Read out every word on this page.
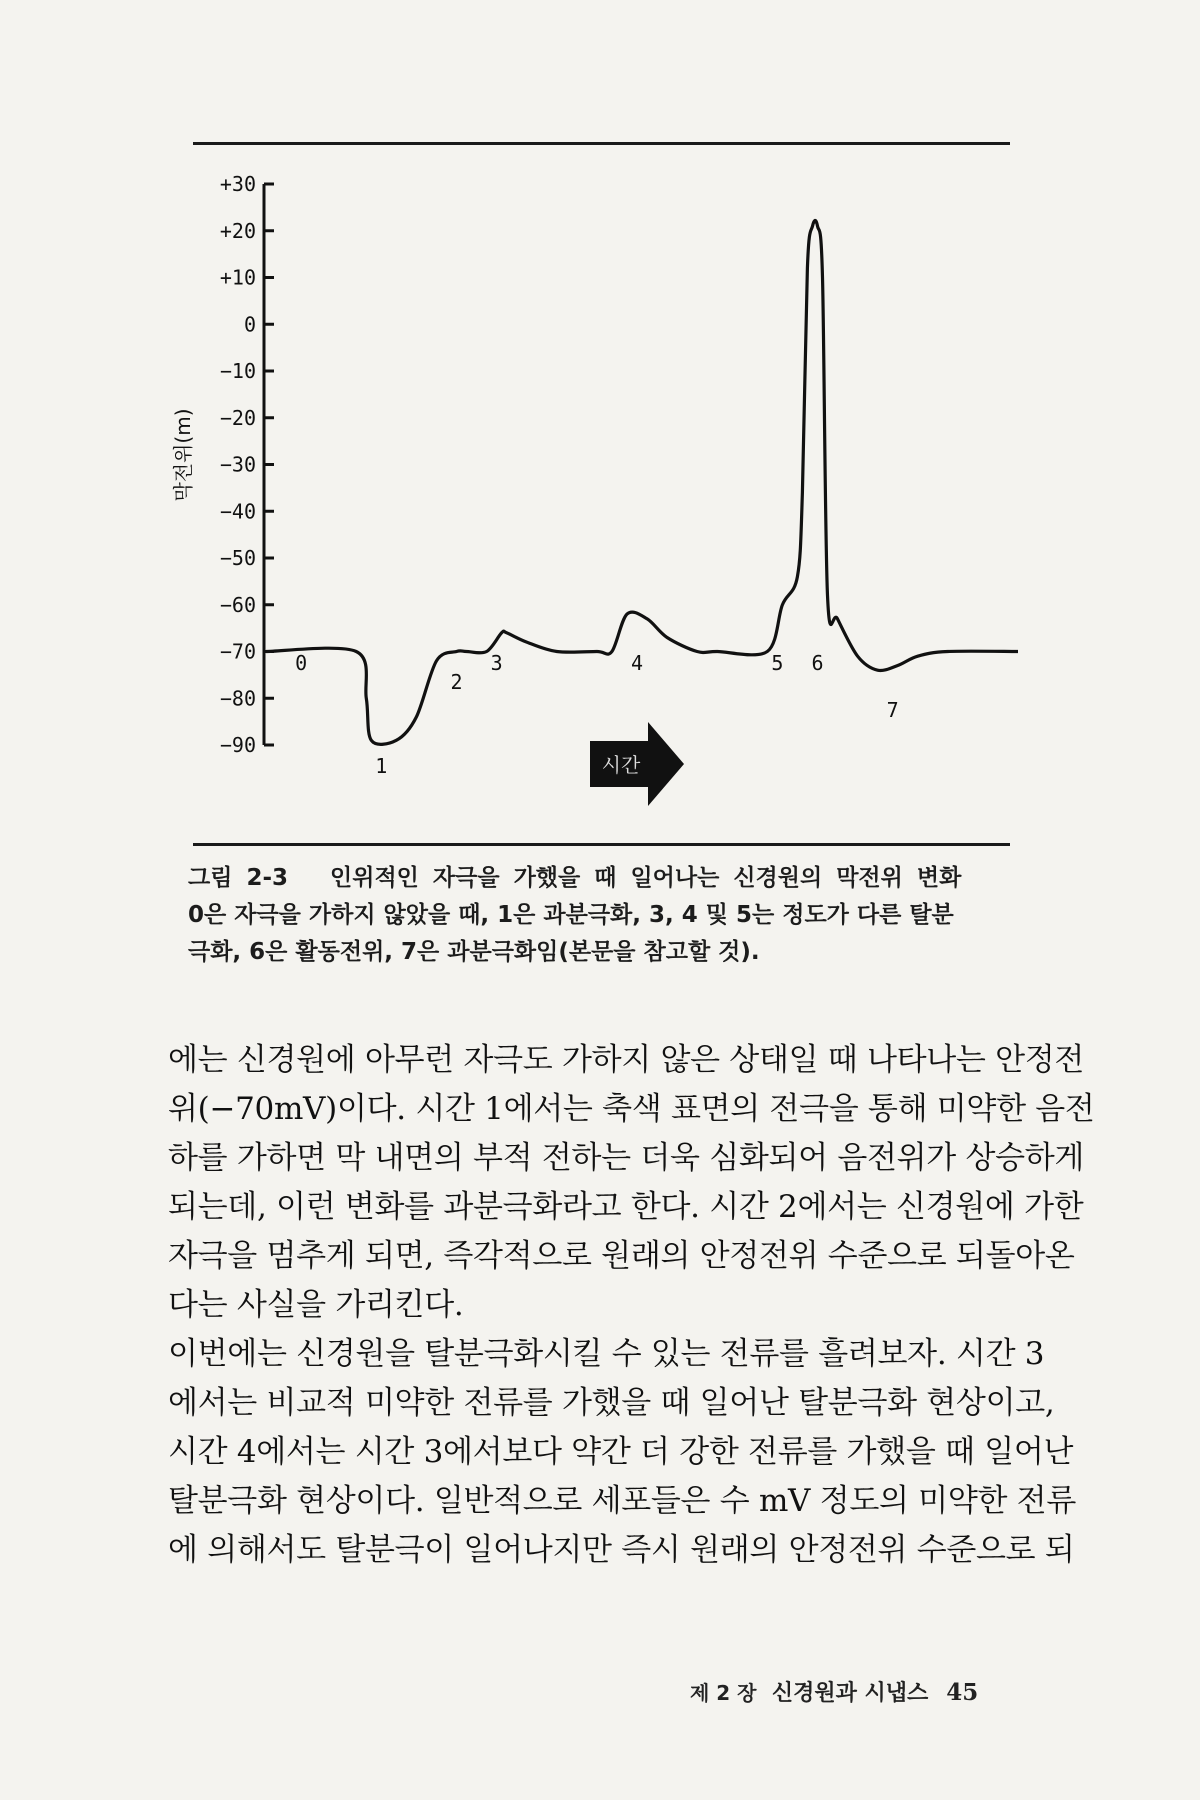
+30
+20
+10
0
−10
−20
−30
−40
−50
−60
−70
−80
−90
막전위(m)
0
1
2
3	4	5 6
7
시간
그림 2-3 인위적인 자극을 가했을 때 일어나는 신경원의 막전위 변화
0은 자극을 가하지 않았을 때, 1은 과분극화, 3, 4 및 5는 정도가 다른 탈분
극화, 6은 활동전위, 7은 과분극화임(본문을 참고할 것).
에는 신경원에 아무런 자극도 가하지 않은 상태일 때 나타나는 안정전
위(−70mV)이다. 시간 1에서는 축색 표면의 전극을 통해 미약한 음전
하를 가하면 막 내면의 부적 전하는 더욱 심화되어 음전위가 상승하게
되는데, 이런 변화를 과분극화라고 한다. 시간 2에서는 신경원에 가한
자극을 멈추게 되면, 즉각적으로 원래의 안정전위 수준으로 되돌아온
다는 사실을 가리킨다.
이번에는 신경원을 탈분극화시킬 수 있는 전류를 흘려보자. 시간 3
에서는 비교적 미약한 전류를 가했을 때 일어난 탈분극화 현상이고,
시간 4에서는 시간 3에서보다 약간 더 강한 전류를 가했을 때 일어난
탈분극화 현상이다. 일반적으로 세포들은 수 mV 정도의 미약한 전류
에 의해서도 탈분극이 일어나지만 즉시 원래의 안정전위 수준으로 되
제 2 장 신경원과 시냅스 45
